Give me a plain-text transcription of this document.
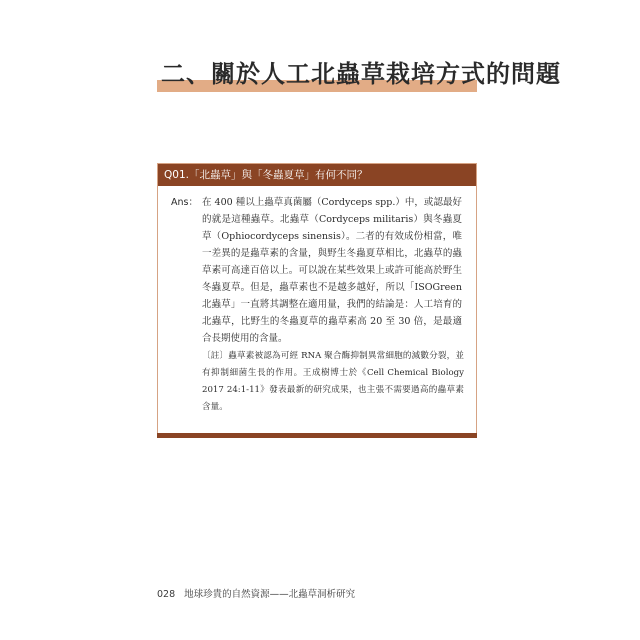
二、關於人工北蟲草栽培方式的問題
Q01.「北蟲草」與「冬蟲夏草」有何不同？
Ans： 在 400 種以上蟲草真菌屬（Cordyceps spp.）中，或認最好的就是這種蟲草。北蟲草（Cordyceps militaris）與冬蟲夏草（Ophiocordyceps sinensis）。二者的有效成份相當，唯一差異的是蟲草素的含量，與野生冬蟲夏草相比，北蟲草的蟲草素可高達百倍以上。可以說在某些效果上或許可能高於野生冬蟲夏草。但是，蟲草素也不是越多越好，所以「ISOGreen 北蟲草」一直將其調整在適用量，我們的結論是：人工培育的北蟲草，比野生的冬蟲夏草的蟲草素高 20 至 30 倍，是最適合長期使用的含量。

〔註〕蟲草素被認為可經 RNA 聚合酶抑制異常細胞的減數分裂，並有抑制細菌生長的作用。王成樹博士於《Cell Chemical Biology 2017 24:1-11》發表最新的研究成果，也主張不需要過高的蟲草素含量。
028 地球珍貴的自然資源——北蟲草洞析研究
